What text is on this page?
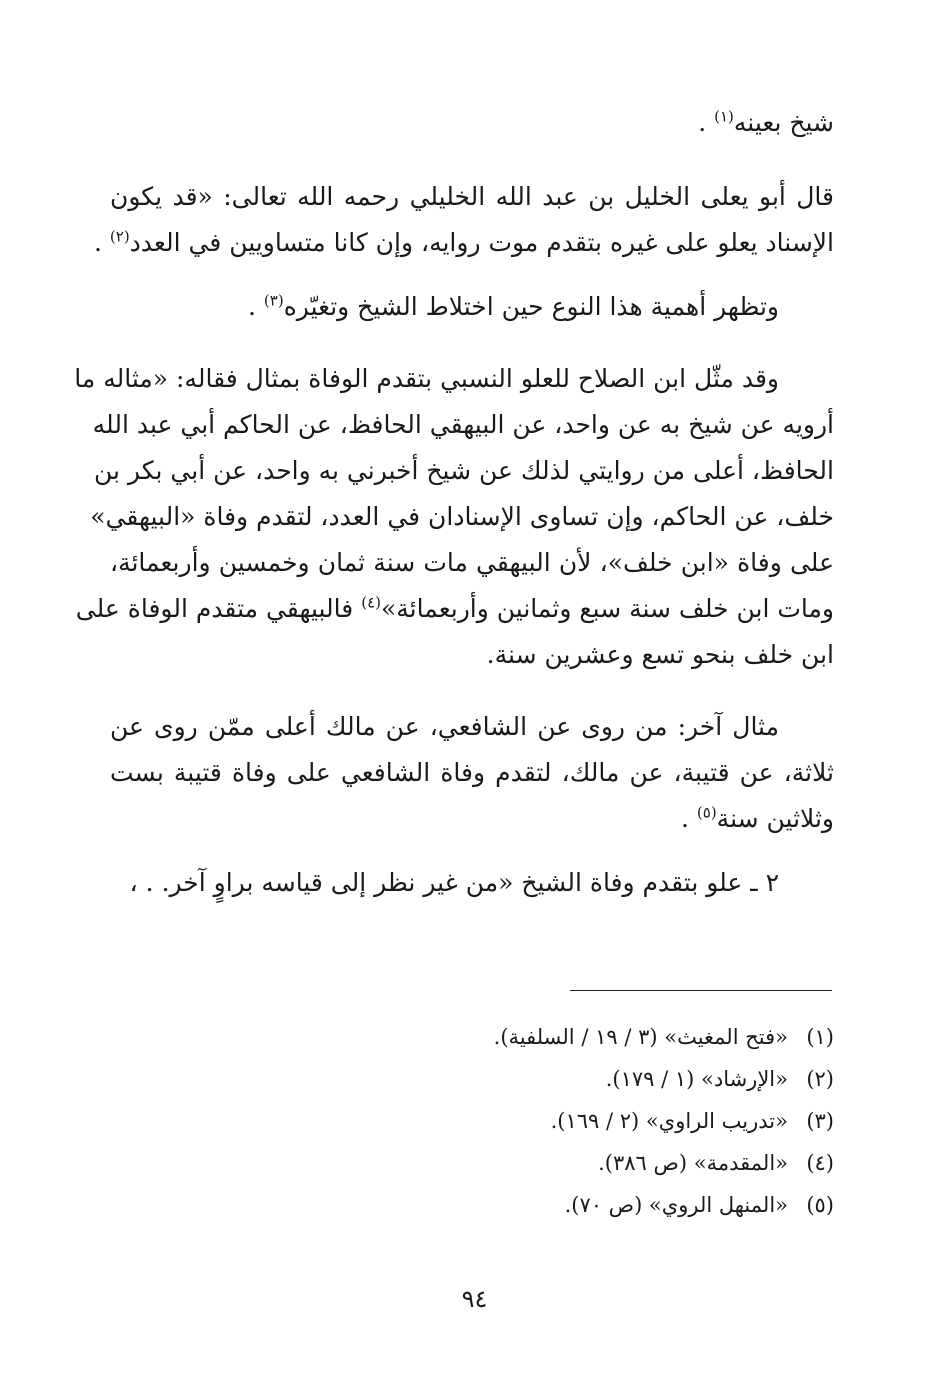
شيخ بعينه$^{(١)}$ .
قال أبو يعلى الخليل بن عبد الله الخليلي رحمه الله تعالى: «قد يكون
الإسناد يعلو على غيره بتقدم موت روايه، وإن كانا متساويين في العدد$^{(٢)}$ .
وتظهر أهمية هذا النوع حين اختلاط الشيخ وتغيّره$^{(٣)}$ .
وقد مثّل ابن الصلاح للعلو النسبي بتقدم الوفاة بمثال فقاله: «مثاله ما
أرويه عن شيخ به عن واحد، عن البيهقي الحافظ، عن الحاكم أبي عبد الله
الحافظ، أعلى من روايتي لذلك عن شيخ أخبرني به واحد، عن أبي بكر بن
خلف، عن الحاكم، وإن تساوى الإسنادان في العدد، لتقدم وفاة «البيهقي»
على وفاة «ابن خلف»، لأن البيهقي مات سنة ثمان وخمسين وأربعمائة،
ومات ابن خلف سنة سبع وثمانين وأربعمائة»$^{(٤)}$ فالبيهقي متقدم الوفاة على
ابن خلف بنحو تسع وعشرين سنة.
مثال آخر: من روى عن الشافعي، عن مالك أعلى ممّن روى عن
ثلاثة، عن قتيبة، عن مالك، لتقدم وفاة الشافعي على وفاة قتيبة بست
وثلاثين سنة$^{(٥)}$ .
٢ ـ علو بتقدم وفاة الشيخ «من غير نظر إلى قياسه براوٍ آخر. . ،
(١)«فتح المغيث» (٣ / ١٩ / السلفية).
(٢)«الإرشاد» (١ / ١٧٩).
(٣)«تدريب الراوي» (٢ / ١٦٩).
(٤)«المقدمة» (ص ٣٨٦).
(٥)«المنهل الروي» (ص ٧٠).
٩٤
